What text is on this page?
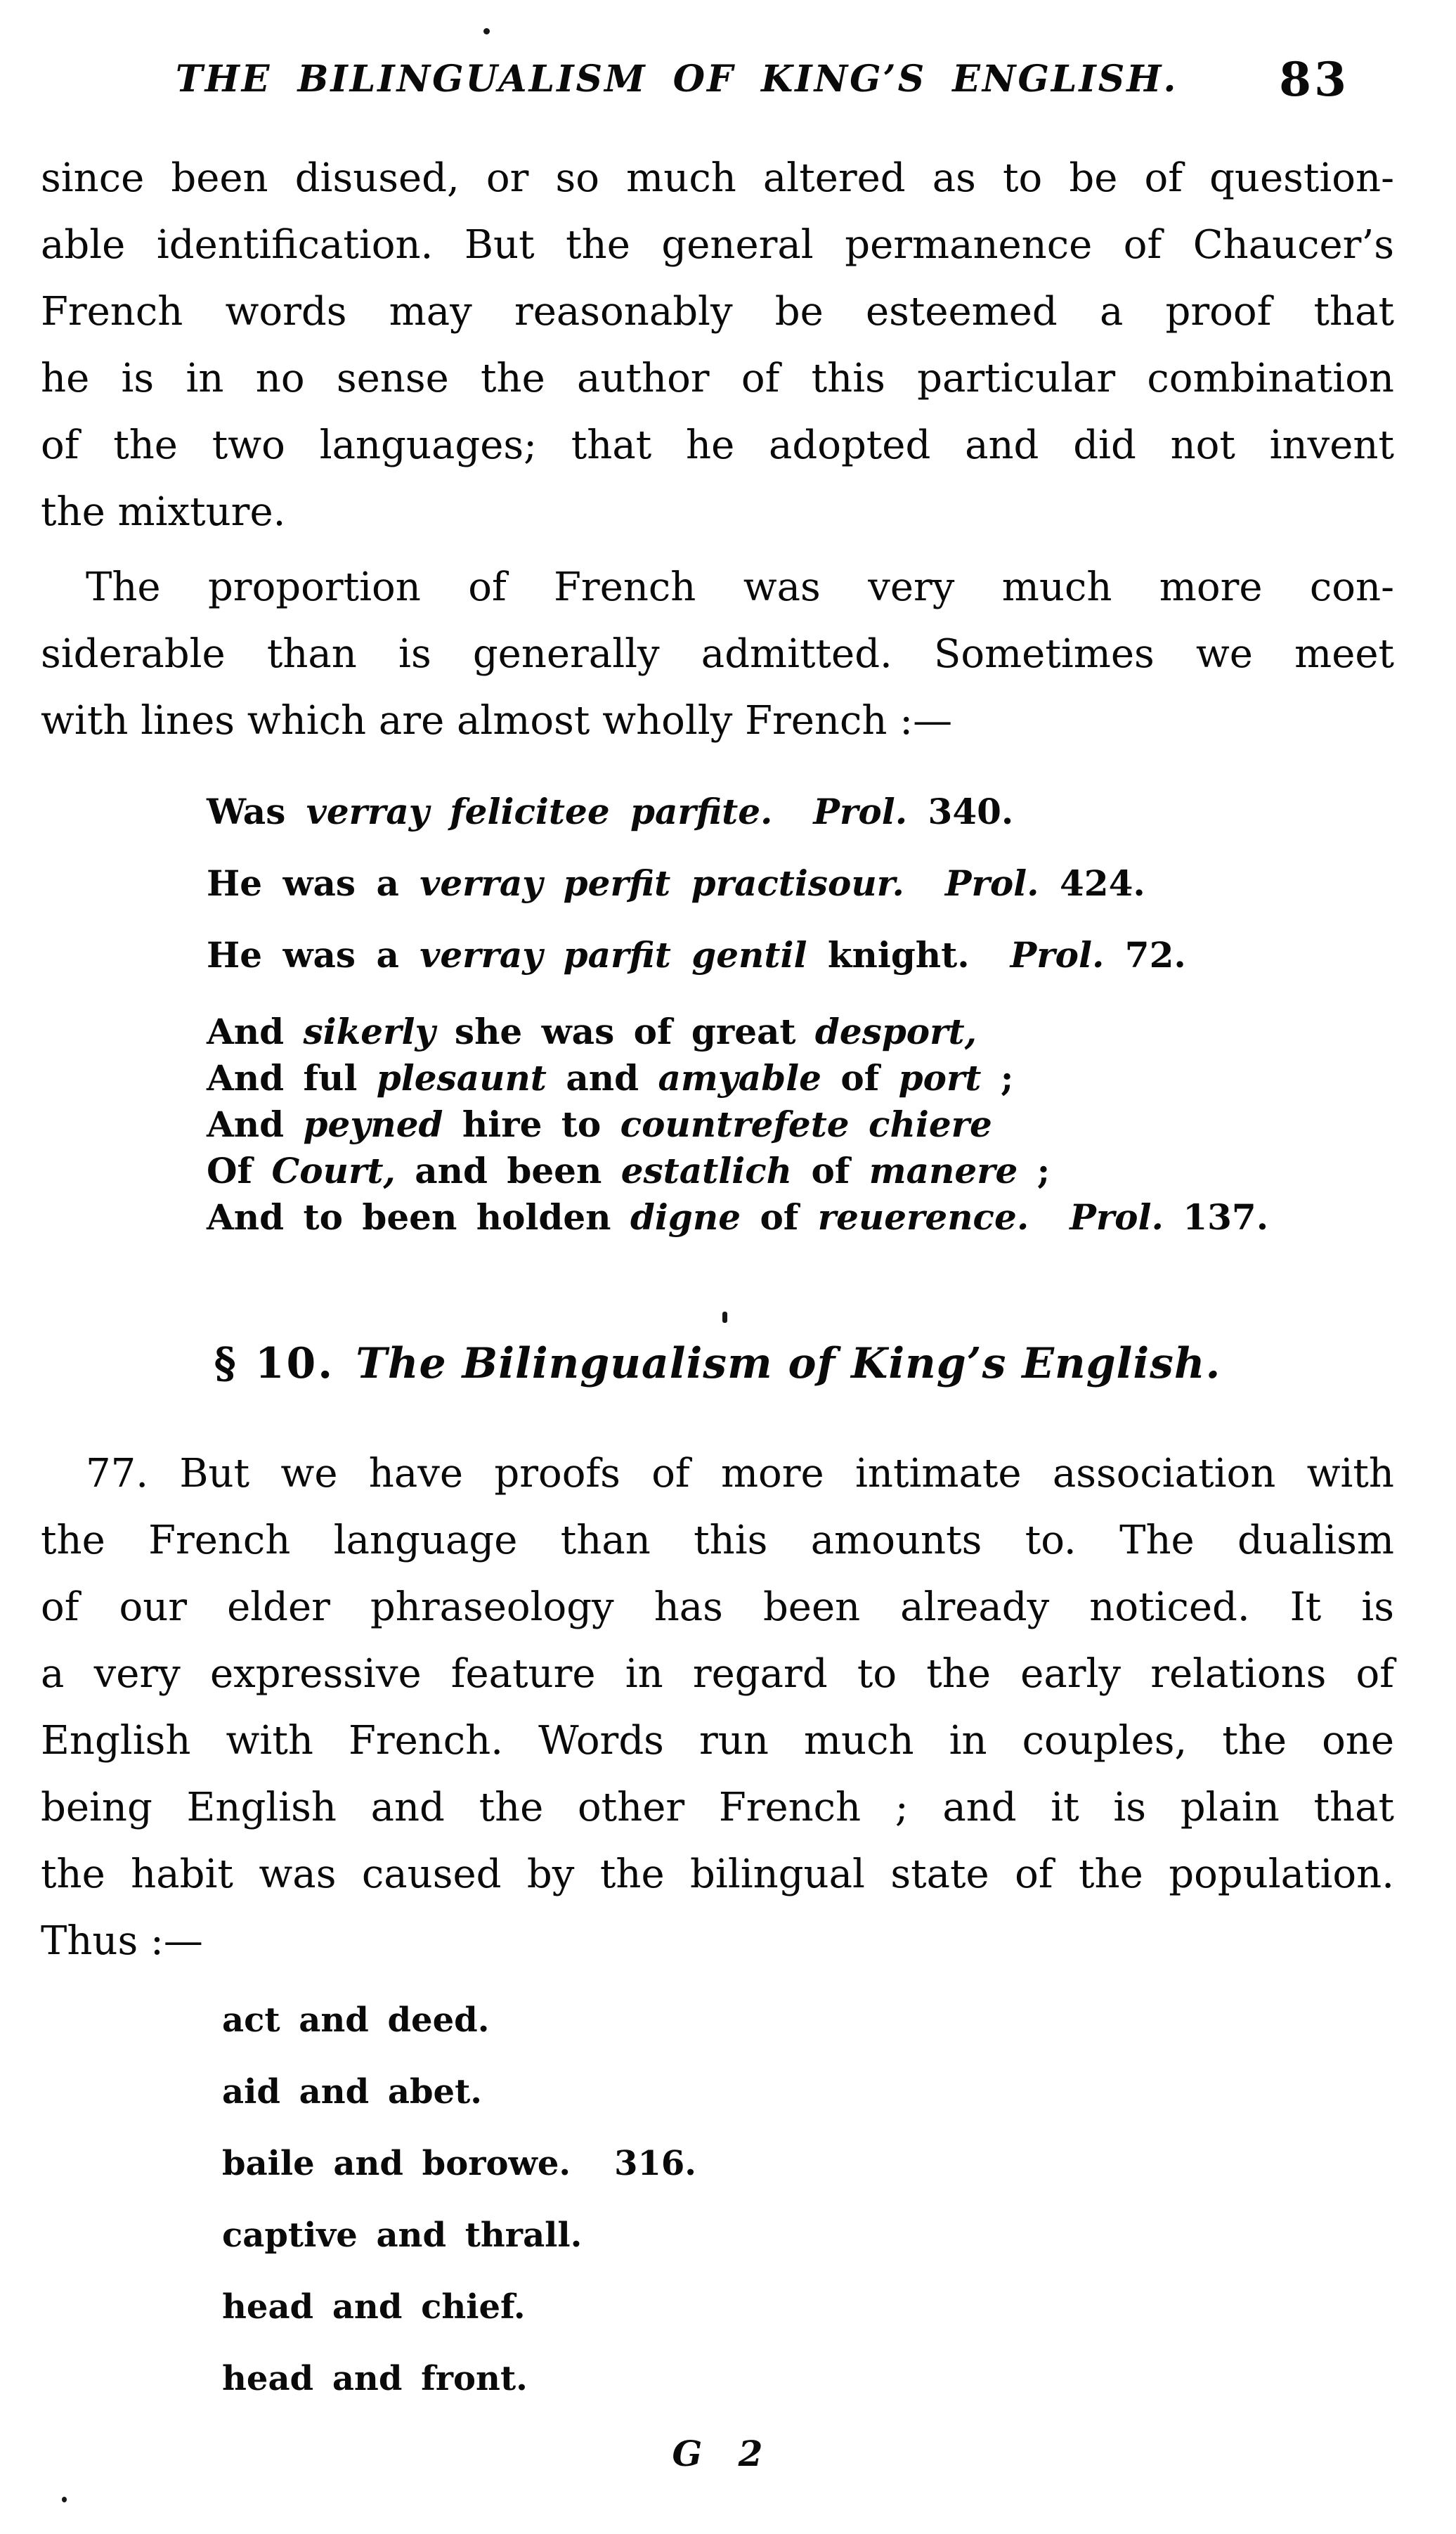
THE BILINGUALISM OF KING’S ENGLISH. 83
since been disused, or so much altered as to be of question-
able identification. But the general permanence of Chaucer’s
French words may reasonably be esteemed a proof that
he is in no sense the author of this particular combination
of the two languages; that he adopted and did not invent
the mixture.
The proportion of French was very much more con-
siderable than is generally admitted. Sometimes we meet
with lines which are almost wholly French :—
Was verray felicitee parfite. Prol. 340.
He was a verray perfit practisour. Prol. 424.
He was a verray parfit gentil knight. Prol. 72.
And sikerly she was of great desport,
And ful plesaunt and amyable of port ;
And peyned hire to countrefete chiere
Of Court, and been estatlich of manere ;
And to been holden digne of reuerence. Prol. 137.
§ 10. The Bilingualism of King’s English.
77. But we have proofs of more intimate association with
the French language than this amounts to. The dualism
of our elder phraseology has been already noticed. It is
a very expressive feature in regard to the early relations of
English with French. Words run much in couples, the one
being English and the other French ; and it is plain that
the habit was caused by the bilingual state of the population.
Thus :—
act and deed.
aid and abet.
baile and borowe. 316.
captive and thrall.
head and chief.
head and front.
G 2
